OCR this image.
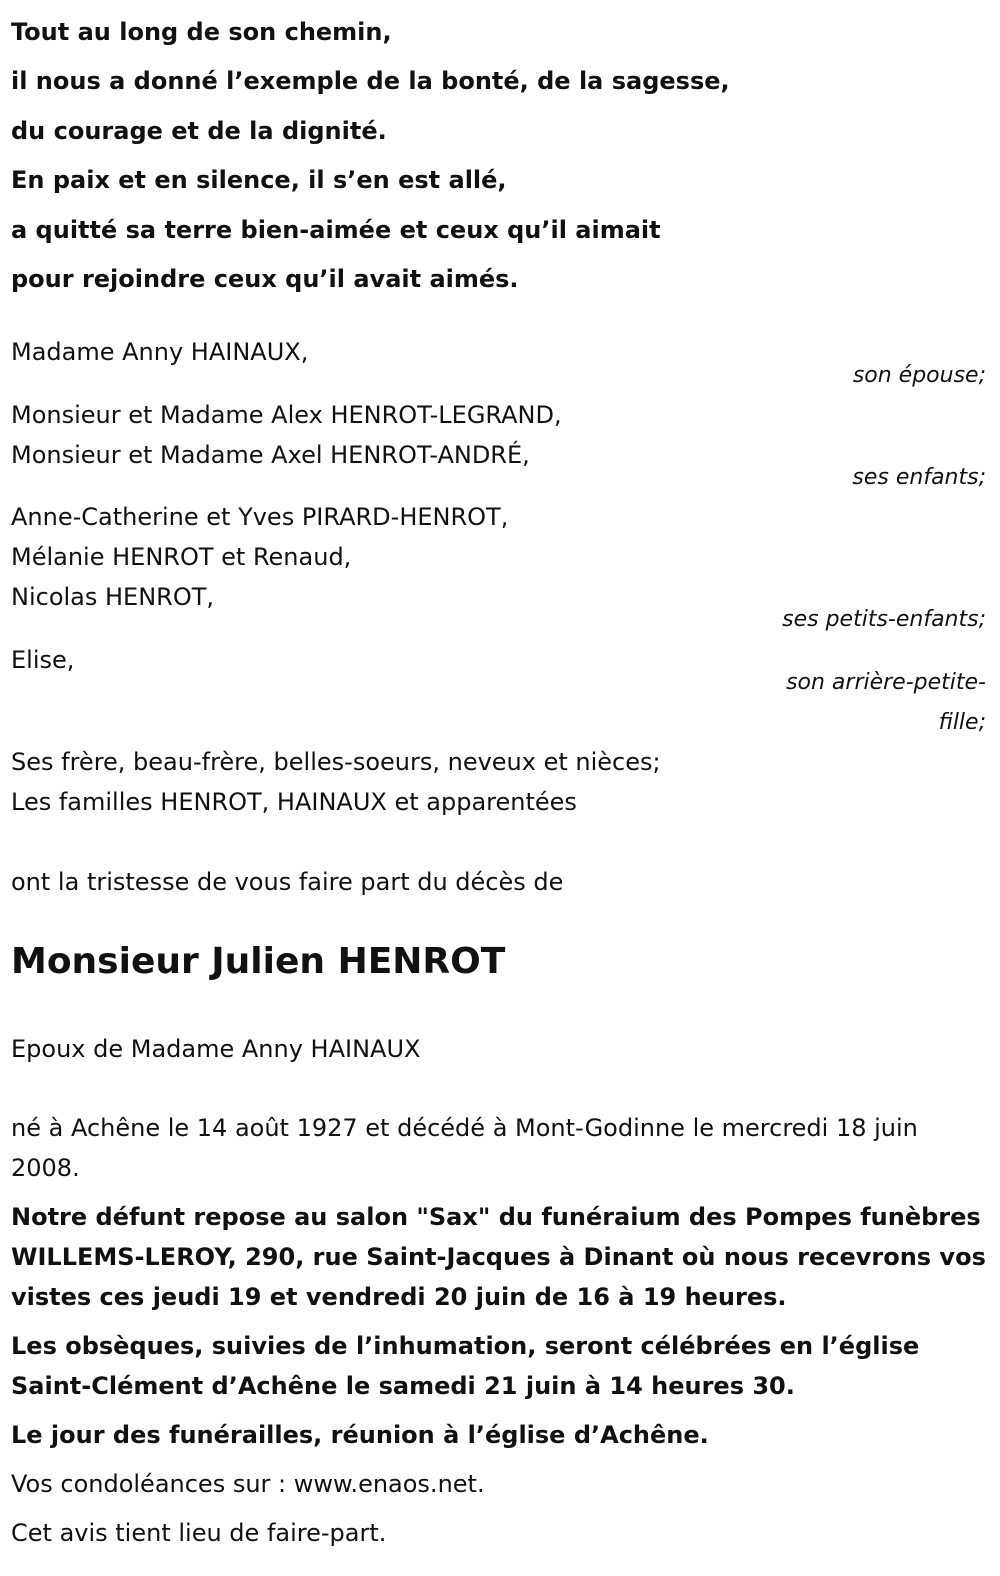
Tout au long de son chemin,
il nous a donné l’exemple de la bonté, de la sagesse,
du courage et de la dignité.
En paix et en silence, il s’en est allé,
a quitté sa terre bien-aimée et ceux qu’il aimait
pour rejoindre ceux qu’il avait aimés.
Madame Anny HAINAUX,
son épouse;
Monsieur et Madame Alex HENROT-LEGRAND,
Monsieur et Madame Axel HENROT-ANDRÉ,
ses enfants;
Anne-Catherine et Yves PIRARD-HENROT,
Mélanie HENROT et Renaud,
Nicolas HENROT,
ses petits-enfants;
Elise,
son arrière-petite-
fille;
Ses frère, beau-frère, belles-soeurs, neveux et nièces;
Les familles HENROT, HAINAUX et apparentées
ont la tristesse de vous faire part du décès de
Monsieur Julien HENROT
Epoux de Madame Anny HAINAUX
né à Achêne le 14 août 1927 et décédé à Mont-Godinne le mercredi 18 juin 2008.
Notre défunt repose au salon "Sax" du funéraium des Pompes funèbres WILLEMS-LEROY, 290, rue Saint-Jacques à Dinant où nous recevrons vos vistes ces jeudi 19 et vendredi 20 juin de 16 à 19 heures.
Les obsèques, suivies de l’inhumation, seront célébrées en l’église Saint-Clément d’Achêne le samedi 21 juin à 14 heures 30.
Le jour des funérailles, réunion à l’église d’Achêne.
Vos condoléances sur : www.enaos.net.
Cet avis tient lieu de faire-part.
